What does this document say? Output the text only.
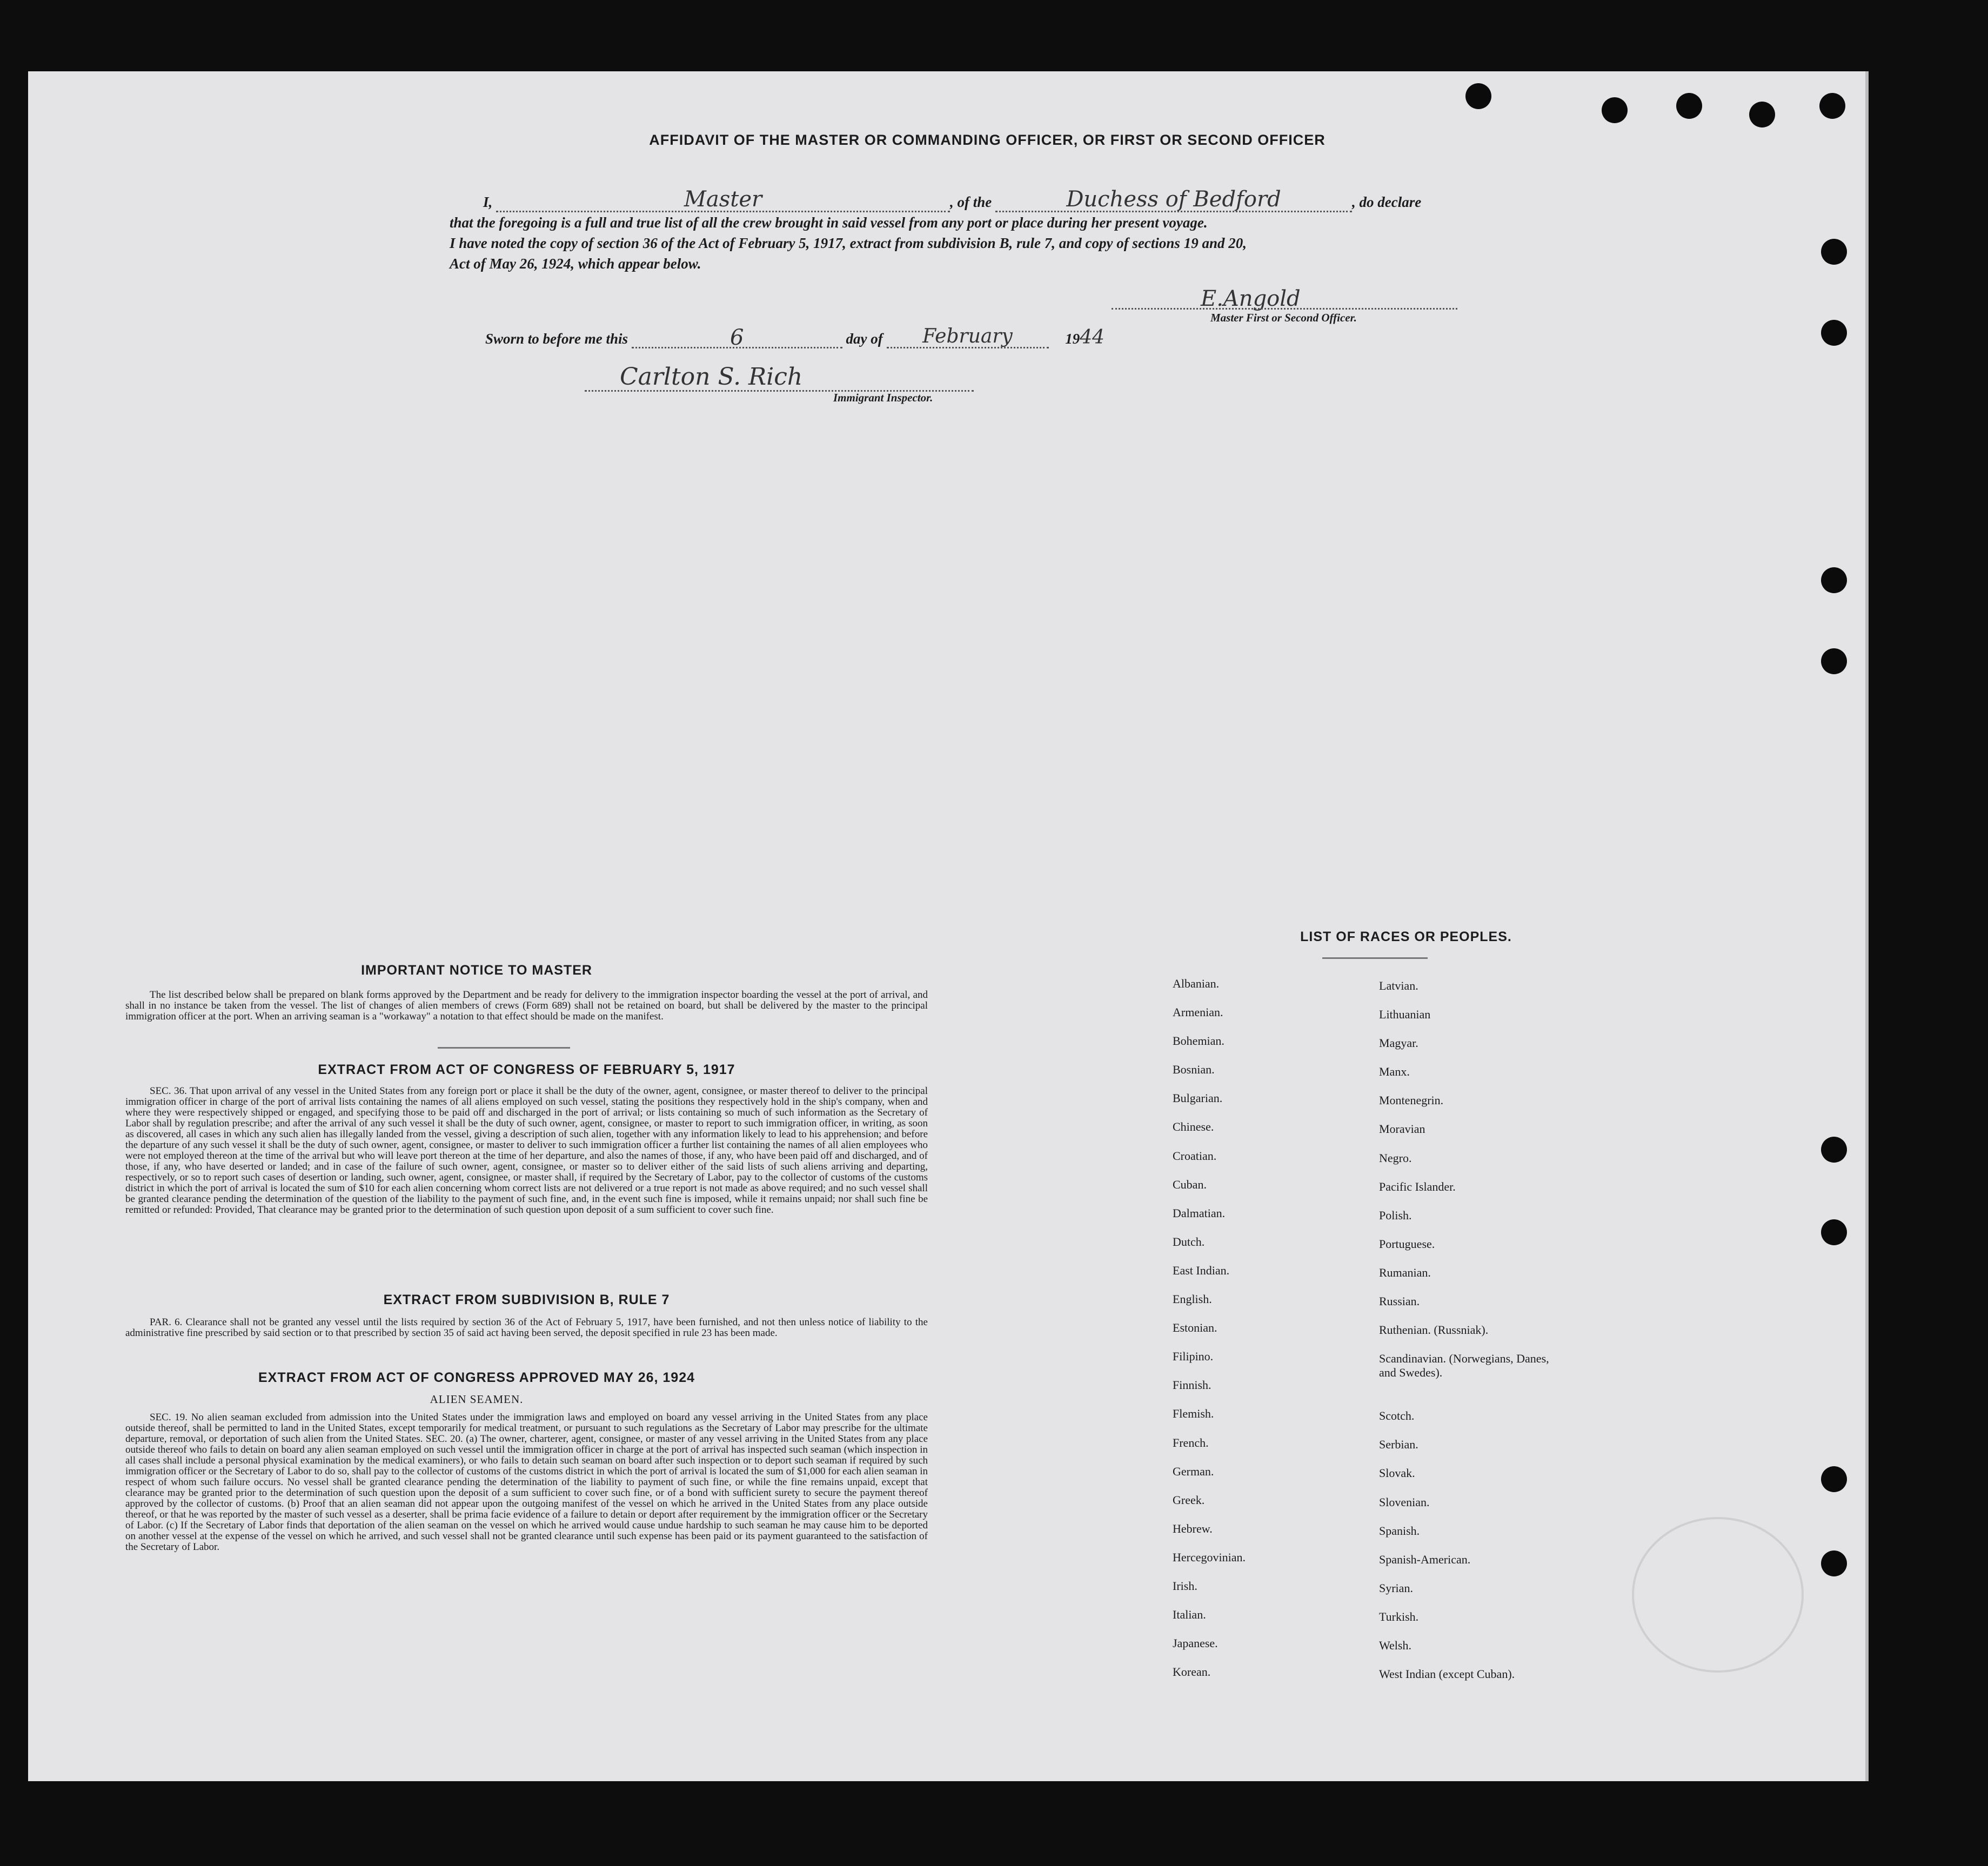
AFFIDAVIT OF THE MASTER OR COMMANDING OFFICER, OR FIRST OR SECOND OFFICER
I,	Master	, of the	Duchess of Bedford	, do declare
that the foregoing is a full and true list of all the crew brought in said vessel from any port or place during her present voyage.
I have noted the copy of section 36 of the Act of February 5, 1917, extract from subdivision B, rule 7, and copy of sections 19 and 20,
Act of May 26, 1924, which appear below.
E.Angold
Master First or Second Officer.
Sworn to before me this	6	day of February	1944
Carlton S. Rich
Immigrant Inspector.
IMPORTANT NOTICE TO MASTER
The list described below shall be prepared on blank forms approved by the Department and be ready for delivery to the immigration inspector boarding the vessel at the port of arrival, and shall in no instance be taken from the vessel. The list of changes of alien members of crews (Form 689) shall not be retained on board, but shall be delivered by the master to the principal immigration officer at the port. When an arriving seaman is a "workaway" a notation to that effect should be made on the manifest.
EXTRACT FROM ACT OF CONGRESS OF FEBRUARY 5, 1917
SEC. 36. That upon arrival of any vessel in the United States from any foreign port or place it shall be the duty of the owner, agent, consignee, or master thereof to deliver to the principal immigration officer in charge of the port of arrival lists containing the names of all aliens employed on such vessel, stating the positions they respectively hold in the ship's company, when and where they were respectively shipped or engaged, and specifying those to be paid off and discharged in the port of arrival; or lists containing so much of such information as the Secretary of Labor shall by regulation prescribe; and after the arrival of any such vessel it shall be the duty of such owner, agent, consignee, or master to report to such immigration officer, in writing, as soon as discovered, all cases in which any such alien has illegally landed from the vessel, giving a description of such alien, together with any information likely to lead to his apprehension; and before the departure of any such vessel it shall be the duty of such owner, agent, consignee, or master to deliver to such immigration officer a further list containing the names of all alien employees who were not employed thereon at the time of the arrival but who will leave port thereon at the time of her departure, and also the names of those, if any, who have been paid off and discharged, and of those, if any, who have deserted or landed; and in case of the failure of such owner, agent, consignee, or master so to deliver either of the said lists of such aliens arriving and departing, respectively, or so to report such cases of desertion or landing, such owner, agent, consignee, or master shall, if required by the Secretary of Labor, pay to the collector of customs of the customs district in which the port of arrival is located the sum of $10 for each alien concerning whom correct lists are not delivered or a true report is not made as above required; and no such vessel shall be granted clearance pending the determination of the question of the liability to the payment of such fine, and, in the event such fine is imposed, while it remains unpaid; nor shall such fine be remitted or refunded: Provided, That clearance may be granted prior to the determination of such question upon deposit of a sum sufficient to cover such fine.
EXTRACT FROM SUBDIVISION B, RULE 7
PAR. 6. Clearance shall not be granted any vessel until the lists required by section 36 of the Act of February 5, 1917, have been furnished, and not then unless notice of liability to the administrative fine prescribed by said section or to that prescribed by section 35 of said act having been served, the deposit specified in rule 23 has been made.
EXTRACT FROM ACT OF CONGRESS APPROVED MAY 26, 1924
ALIEN SEAMEN.
SEC. 19. No alien seaman excluded from admission into the United States under the immigration laws and employed on board any vessel arriving in the United States from any place outside thereof, shall be permitted to land in the United States, except temporarily for medical treatment, or pursuant to such regulations as the Secretary of Labor may prescribe for the ultimate departure, removal, or deportation of such alien from the United States. SEC. 20. (a) The owner, charterer, agent, consignee, or master of any vessel arriving in the United States from any place outside thereof who fails to detain on board any alien seaman employed on such vessel until the immigration officer in charge at the port of arrival has inspected such seaman (which inspection in all cases shall include a personal physical examination by the medical examiners), or who fails to detain such seaman on board after such inspection or to deport such seaman if required by such immigration officer or the Secretary of Labor to do so, shall pay to the collector of customs of the customs district in which the port of arrival is located the sum of $1,000 for each alien seaman in respect of whom such failure occurs. No vessel shall be granted clearance pending the determination of the liability to payment of such fine, or while the fine remains unpaid, except that clearance may be granted prior to the determination of such question upon the deposit of a sum sufficient to cover such fine, or of a bond with sufficient surety to secure the payment thereof approved by the collector of customs. (b) Proof that an alien seaman did not appear upon the outgoing manifest of the vessel on which he arrived in the United States from any place outside thereof, or that he was reported by the master of such vessel as a deserter, shall be prima facie evidence of a failure to detain or deport after requirement by the immigration officer or the Secretary of Labor. (c) If the Secretary of Labor finds that deportation of the alien seaman on the vessel on which he arrived would cause undue hardship to such seaman he may cause him to be deported on another vessel at the expense of the vessel on which he arrived, and such vessel shall not be granted clearance until such expense has been paid or its payment guaranteed to the satisfaction of the Secretary of Labor.
LIST OF RACES OR PEOPLES.
Albanian.
Armenian.
Bohemian.
Bosnian.
Bulgarian.
Chinese.
Croatian.
Cuban.
Dalmatian.
Dutch.
East Indian.
English.
Estonian.
Filipino.
Finnish.
Flemish.
French.
German.
Greek.
Hebrew.
Hercegovinian.
Irish.
Italian.
Japanese.
Korean.
Latvian.
Lithuanian
Magyar.
Manx.
Montenegrin.
Moravian
Negro.
Pacific Islander.
Polish.
Portuguese.
Rumanian.
Russian.
Ruthenian. (Russniak).
Scandinavian. (Norwegians, Danes, and Swedes).
Scotch.
Serbian.
Slovak.
Slovenian.
Spanish.
Spanish-American.
Syrian.
Turkish.
Welsh.
West Indian (except Cuban).
